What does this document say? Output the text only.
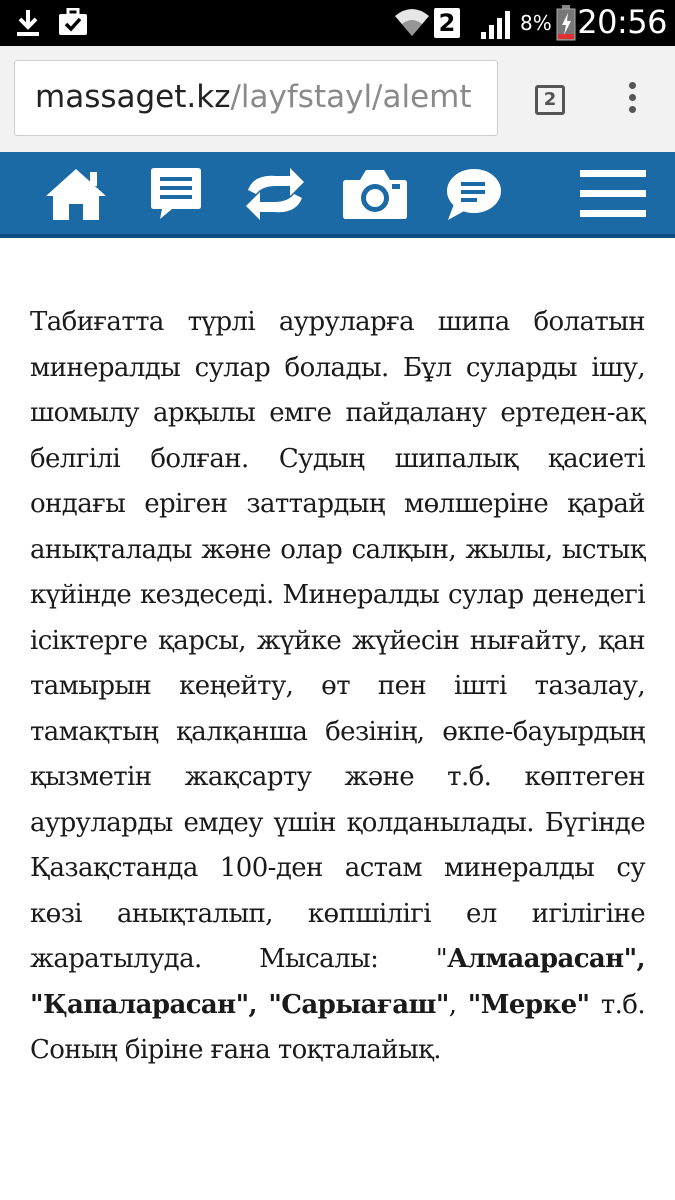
2	8% 20:56
massaget.kz/layfstayl/alemt	2
Табиғатта түрлі ауруларға шипа болатын минералды сулар болады. Бұл суларды ішу, шомылу арқылы емге пайдалану ертеден-ақ белгілі болған. Судың шипалық қасиеті ондағы еріген заттардың мөлшеріне қарай анықталады және олар салқын, жылы, ыстық күйінде кездеседі. Минералды сулар денедегі ісіктерге қарсы, жүйке жүйесін нығайту, қан тамырын кеңейту, өт пен ішті тазалау, тамақтың қалқанша безінің, өкпе-бауырдың қызметін жақсарту және т.б. көптеген ауруларды емдеу үшін қолданылады. Бүгінде Қазақстанда 100-ден астам минералды су көзі анықталып, көпшілігі ел игілігіне жаратылуда. Мысалы: "Алмаарасан", "Қапаларасан", "Сарыағаш", "Мерке" т.б. Соның біріне ғана тоқталайық.
